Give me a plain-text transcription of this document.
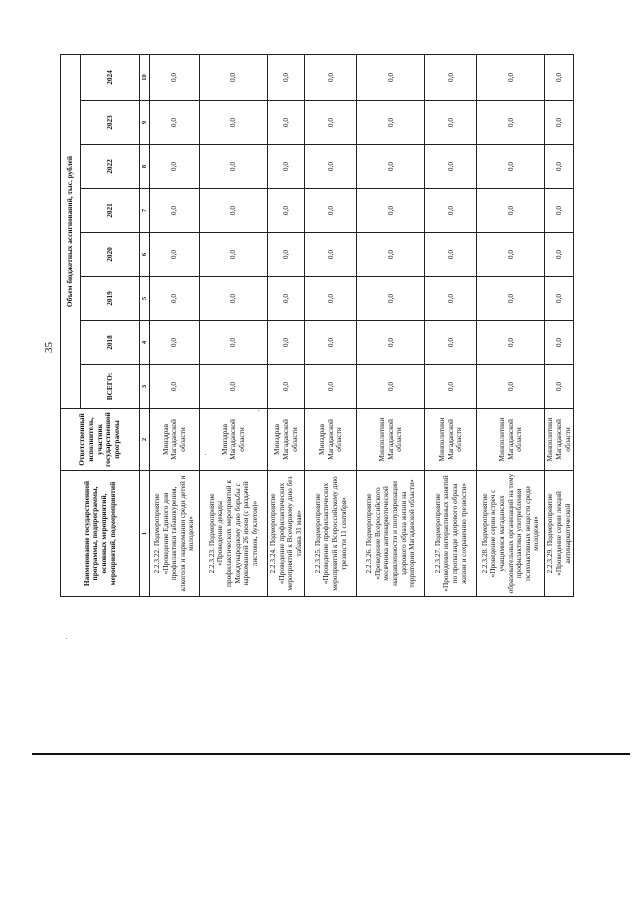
35
Наименование государственной программы, подпрограммы, основных мероприятий, мероприятий, подмероприятий	Ответственный исполнитель, участник государственной программы	Объем бюджетных ассигнований, тыс. рублей							
		ВСЕГО:	2018	2019	2020	2021	2022	2023	2024
1	2	3	4	5	6	7	8	9	10
2.2.3.22. Подмероприятие «Проведение Единого дня профилактики табакокурения, алкоголя и наркомании среди детей и молодежи»	Минздрав Магаданской области	0,0	0,0	0,0	0,0	0,0	0,0	0,0	0,0
2.2.3.23. Подмероприятие «Проведение декады профилактических мероприятий к Международному дню борьбы с наркоманией 26 июня (с раздачей листовок, буклетов)»	Минздрав Магаданской области	0,0	0,0	0,0	0,0	0,0	0,0	0,0	0,0
2.2.3.24. Подмероприятие «Проведение профилактических мероприятий к Всемирному дню без табака 31 мая»	Минздрав Магаданской области	0,0	0,0	0,0	0,0	0,0	0,0	0,0	0,0
2.2.3.25. Подмероприятие «Проведение профилактических мероприятий к Всероссийскому дню трезвости 11 сентября»	Минздрав Магаданской области	0,0	0,0	0,0	0,0	0,0	0,0	0,0	0,0
2.2.3.26. Подмероприятие «Проведение Всероссийского месячника антинаркотической направленности и популяризации здорового образа жизни на территории Магаданской области»	Минполитики Магаданской области	0,0	0,0	0,0	0,0	0,0	0,0	0,0	0,0
2.2.3.27. Подмероприятие «Проведение интерактивных занятий по пропаганде здорового образа жизни и сохранению трезвости»	Минполитики Магаданской области	0,0	0,0	0,0	0,0	0,0	0,0	0,0	0,0
2.2.3.28. Подмероприятие «Проведение серии встреч с учащимися магаданских образовательных организаций на тему профилактики употребления психоактивных веществ среди молодежи»	Минполитики Магаданской области	0,0	0,0	0,0	0,0	0,0	0,0	0,0	0,0
2.2.3.29. Подмероприятие «Проведение серии лекций антинаркотической	Минполитики Магаданской области	0,0	0,0	0,0	0,0	0,0	0,0	0,0	0,0
